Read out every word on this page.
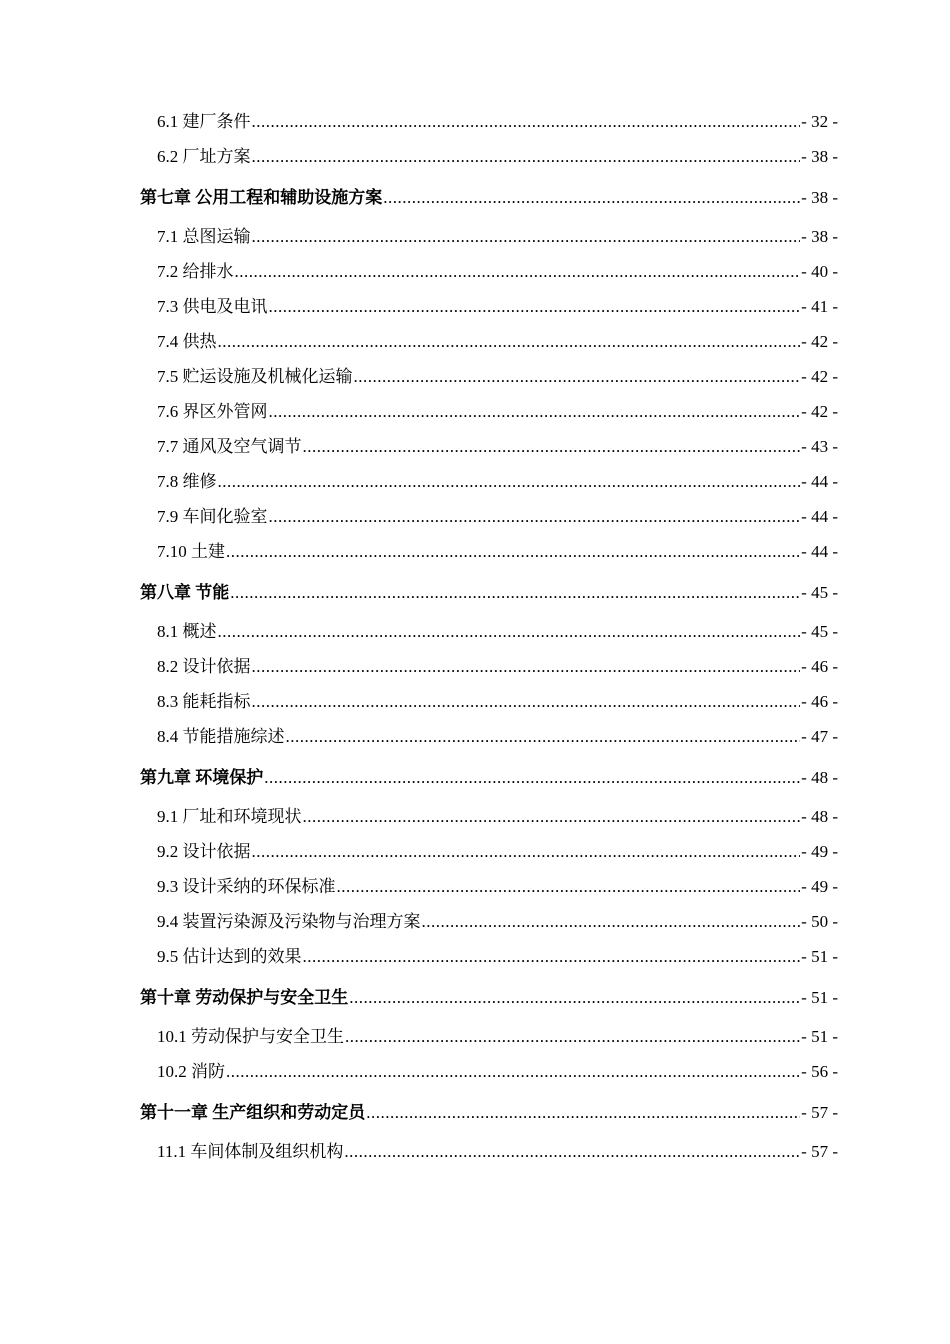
6.1 建厂条件 .....	- 32 -
6.2 厂址方案 .....	- 38 -
第七章 公用工程和辅助设施方案 .....	- 38 -
7.1 总图运输 .....	- 38 -
7.2 给排水 .....	- 40 -
7.3 供电及电讯 .....	- 41 -
7.4 供热 .....	- 42 -
7.5 贮运设施及机械化运输 .....	- 42 -
7.6 界区外管网 .....	- 42 -
7.7 通风及空气调节 .....	- 43 -
7.8 维修 .....	- 44 -
7.9 车间化验室 .....	- 44 -
7.10 土建 .....	- 44 -
第八章 节能 .....	- 45 -
8.1 概述 .....	- 45 -
8.2 设计依据 .....	- 46 -
8.3 能耗指标 .....	- 46 -
8.4 节能措施综述 .....	- 47 -
第九章 环境保护 .....	- 48 -
9.1 厂址和环境现状 .....	- 48 -
9.2 设计依据 .....	- 49 -
9.3 设计采纳的环保标准 .....	- 49 -
9.4 装置污染源及污染物与治理方案 .....	- 50 -
9.5 估计达到的效果 .....	- 51 -
第十章 劳动保护与安全卫生 .....	- 51 -
10.1 劳动保护与安全卫生 .....	- 51 -
10.2 消防 .....	- 56 -
第十一章 生产组织和劳动定员 .....	- 57 -
11.1 车间体制及组织机构 .....	- 57 -
